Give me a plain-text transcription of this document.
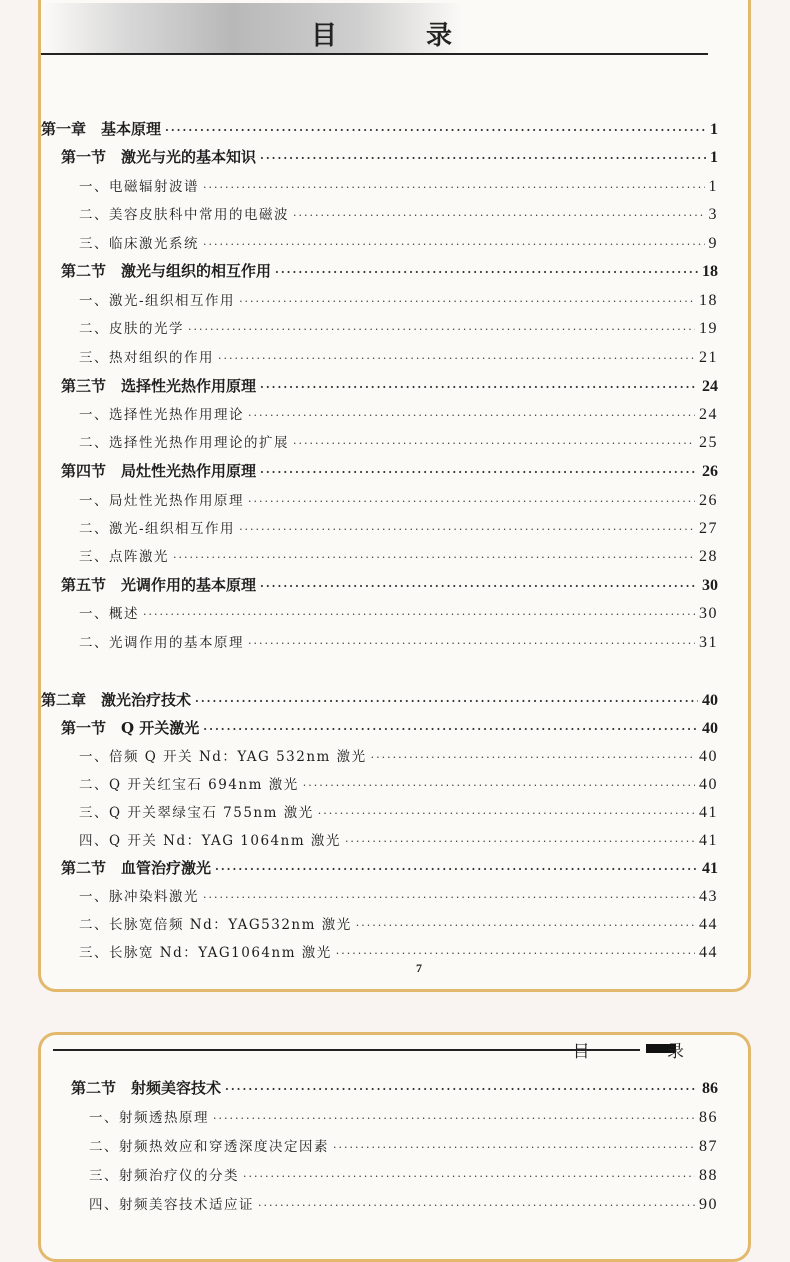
目 录
第一章　基本原理 ·····	1
第一节　激光与光的基本知识 ·····	1
一、电磁辐射波谱 ·····	1
二、美容皮肤科中常用的电磁波 ·····	3
三、临床激光系统 ·····	9
第二节　激光与组织的相互作用 ·····	18
一、激光-组织相互作用 ·····	18
二、皮肤的光学 ·····	19
三、热对组织的作用 ·····	21
第三节　选择性光热作用原理 ·····	24
一、选择性光热作用理论 ·····	24
二、选择性光热作用理论的扩展 ·····	25
第四节　局灶性光热作用原理 ·····	26
一、局灶性光热作用原理 ·····	26
二、激光-组织相互作用 ·····	27
三、点阵激光 ·····	28
第五节　光调作用的基本原理 ·····	30
一、概述 ·····	30
二、光调作用的基本原理 ·····	31
第二章　激光治疗技术 ·····	40
第一节　Q 开关激光 ·····	40
一、倍频 Q 开关 Nd：YAG 532nm 激光 ·····	40
二、Q 开关红宝石 694nm 激光 ·····	40
三、Q 开关翠绿宝石 755nm 激光 ·····	41
四、Q 开关 Nd：YAG 1064nm 激光 ·····	41
第二节　血管治疗激光 ·····	41
一、脉冲染料激光 ·····	43
二、长脉宽倍频 Nd：YAG532nm 激光 ·····	44
三、长脉宽 Nd：YAG1064nm 激光 ·····	44
7
目 录
第二节　射频美容技术 ·····	86
一、射频透热原理 ·····	86
二、射频热效应和穿透深度决定因素 ·····	87
三、射频治疗仪的分类 ·····	88
四、射频美容技术适应证 ·····	90
